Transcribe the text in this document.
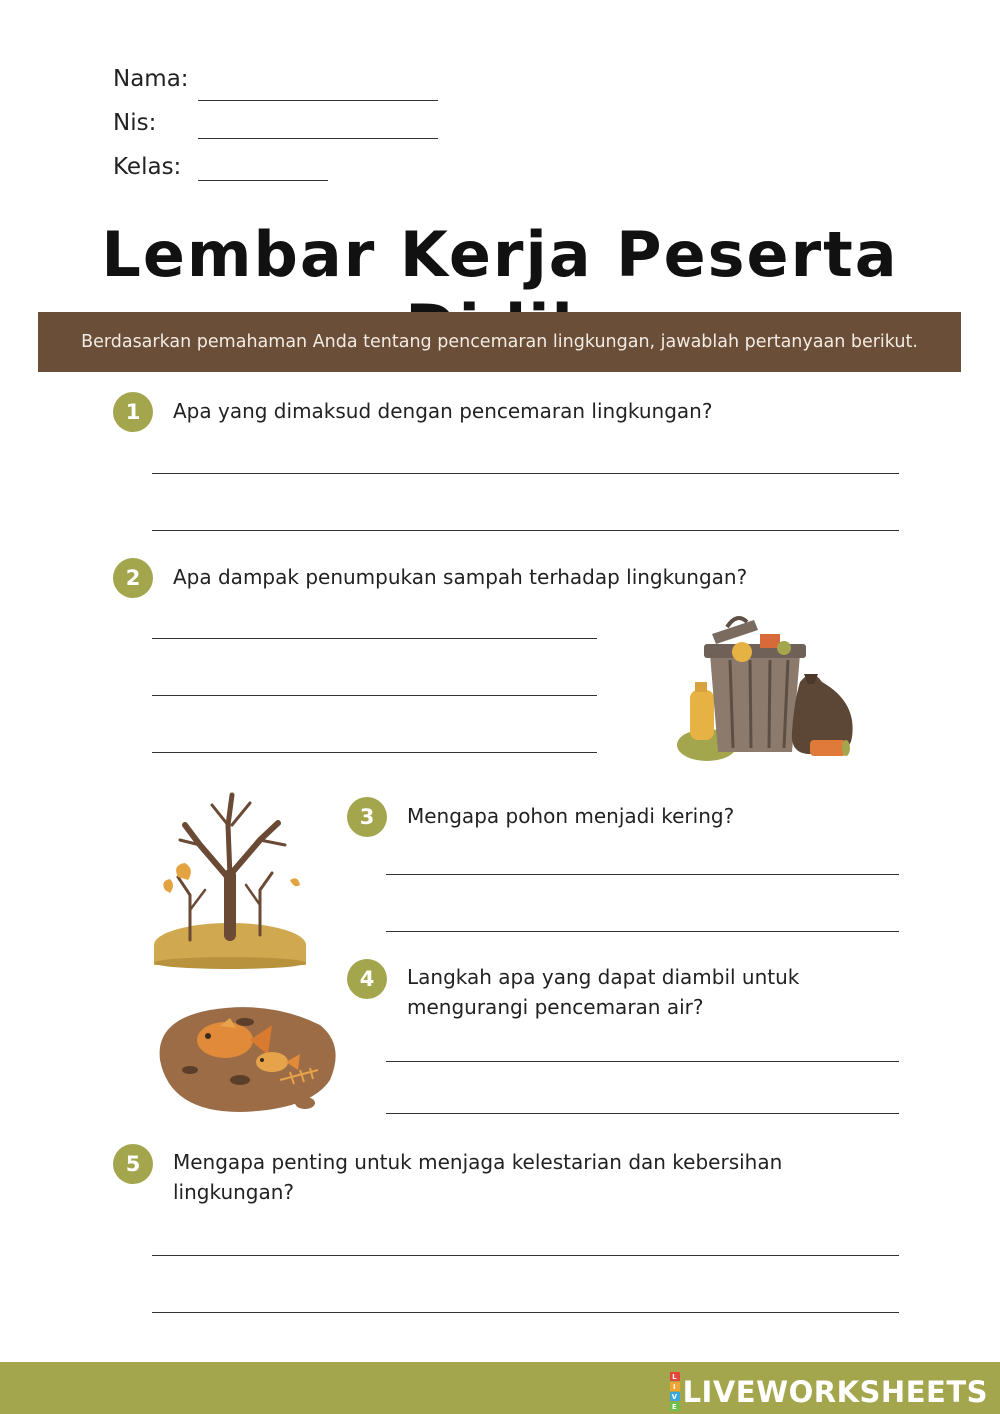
Nama:
Nis:
Kelas:
Lembar Kerja Peserta
Berdasarkan pemahaman Anda tentang pencemaran lingkungan, jawablah pertanyaan berikut.
1	Apa yang dimaksud dengan pencemaran lingkungan?
2	Apa dampak penumpukan sampah terhadap lingkungan?
3	Mengapa pohon menjadi kering?
4	Langkah apa yang dapat diambil untuk mengurangi pencemaran air?
5	Mengapa penting untuk menjaga kelestarian dan kebersihan lingkungan?
L
I
V
E LIVEWORKSHEETS
